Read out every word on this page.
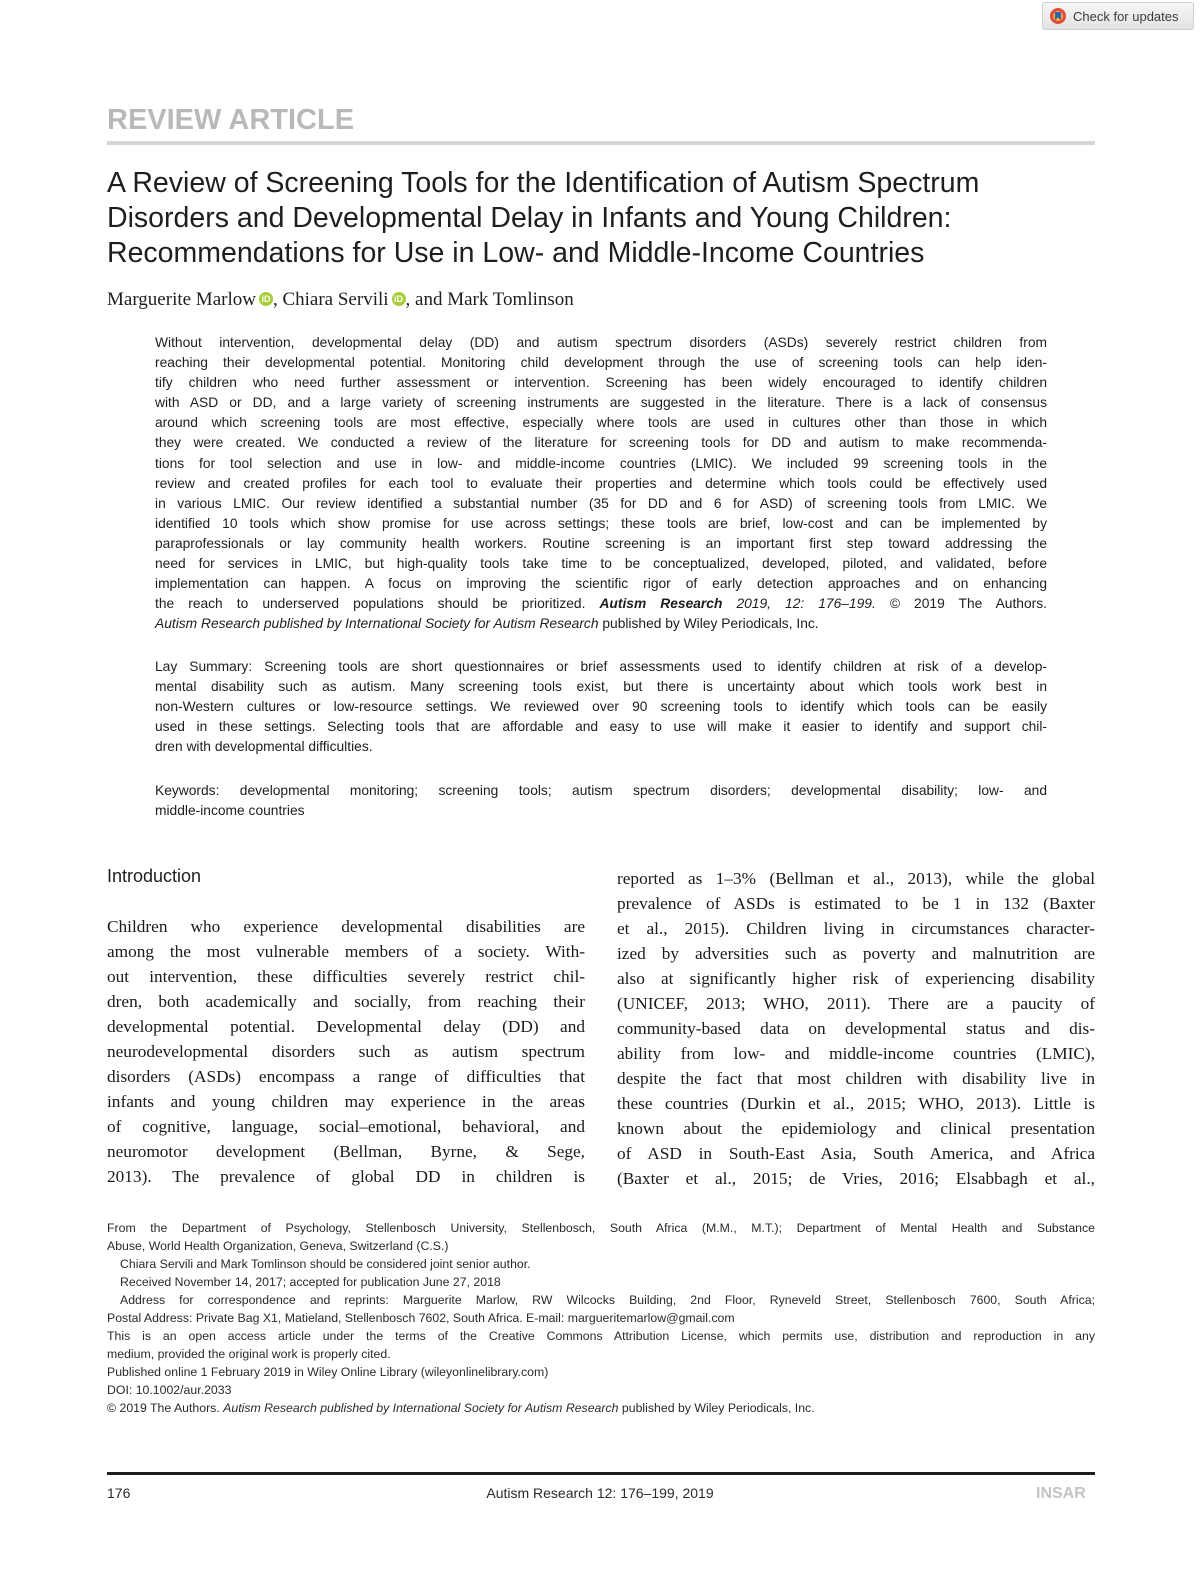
Check for updates
REVIEW ARTICLE
A Review of Screening Tools for the Identification of Autism Spectrum
Disorders and Developmental Delay in Infants and Young Children:
Recommendations for Use in Low- and Middle-Income Countries
Marguerite Marlow iD , Chiara Servili iD , and Mark Tomlinson
Without intervention, developmental delay (DD) and autism spectrum disorders (ASDs) severely restrict children from
reaching their developmental potential. Monitoring child development through the use of screening tools can help iden-
tify children who need further assessment or intervention. Screening has been widely encouraged to identify children
with ASD or DD, and a large variety of screening instruments are suggested in the literature. There is a lack of consensus
around which screening tools are most effective, especially where tools are used in cultures other than those in which
they were created. We conducted a review of the literature for screening tools for DD and autism to make recommenda-
tions for tool selection and use in low- and middle-income countries (LMIC). We included 99 screening tools in the
review and created profiles for each tool to evaluate their properties and determine which tools could be effectively used
in various LMIC. Our review identified a substantial number (35 for DD and 6 for ASD) of screening tools from LMIC. We
identified 10 tools which show promise for use across settings; these tools are brief, low-cost and can be implemented by
paraprofessionals or lay community health workers. Routine screening is an important first step toward addressing the
need for services in LMIC, but high-quality tools take time to be conceptualized, developed, piloted, and validated, before
implementation can happen. A focus on improving the scientific rigor of early detection approaches and on enhancing
the reach to underserved populations should be prioritized. Autism Research 2019, 12: 176–199. © 2019 The Authors.
Autism Research published by International Society for Autism Research published by Wiley Periodicals, Inc.
Lay Summary: Screening tools are short questionnaires or brief assessments used to identify children at risk of a develop-
mental disability such as autism. Many screening tools exist, but there is uncertainty about which tools work best in
non-Western cultures or low-resource settings. We reviewed over 90 screening tools to identify which tools can be easily
used in these settings. Selecting tools that are affordable and easy to use will make it easier to identify and support chil-
dren with developmental difficulties.
Keywords: developmental monitoring; screening tools; autism spectrum disorders; developmental disability; low- and
middle-income countries
Introduction
Children who experience developmental disabilities are
among the most vulnerable members of a society. With-
out intervention, these difficulties severely restrict chil-
dren, both academically and socially, from reaching their
developmental potential. Developmental delay (DD) and
neurodevelopmental disorders such as autism spectrum
disorders (ASDs) encompass a range of difficulties that
infants and young children may experience in the areas
of cognitive, language, social–emotional, behavioral, and
neuromotor development (Bellman, Byrne, & Sege,
2013). The prevalence of global DD in children is
reported as 1–3% (Bellman et al., 2013), while the global
prevalence of ASDs is estimated to be 1 in 132 (Baxter
et al., 2015). Children living in circumstances character-
ized by adversities such as poverty and malnutrition are
also at significantly higher risk of experiencing disability
(UNICEF, 2013; WHO, 2011). There are a paucity of
community-based data on developmental status and dis-
ability from low- and middle-income countries (LMIC),
despite the fact that most children with disability live in
these countries (Durkin et al., 2015; WHO, 2013). Little is
known about the epidemiology and clinical presentation
of ASD in South-East Asia, South America, and Africa
(Baxter et al., 2015; de Vries, 2016; Elsabbagh et al.,
From the Department of Psychology, Stellenbosch University, Stellenbosch, South Africa (M.M., M.T.); Department of Mental Health and Substance
Abuse, World Health Organization, Geneva, Switzerland (C.S.)
Chiara Servili and Mark Tomlinson should be considered joint senior author.
Received November 14, 2017; accepted for publication June 27, 2018
Address for correspondence and reprints: Marguerite Marlow, RW Wilcocks Building, 2nd Floor, Ryneveld Street, Stellenbosch 7600, South Africa;
Postal Address: Private Bag X1, Matieland, Stellenbosch 7602, South Africa. E-mail: margueritemarlow@gmail.com
This is an open access article under the terms of the Creative Commons Attribution License, which permits use, distribution and reproduction in any
medium, provided the original work is properly cited.
Published online 1 February 2019 in Wiley Online Library (wileyonlinelibrary.com)
DOI: 10.1002/aur.2033
© 2019 The Authors. Autism Research published by International Society for Autism Research published by Wiley Periodicals, Inc.
176	Autism Research 12: 176–199, 2019	INSAR
